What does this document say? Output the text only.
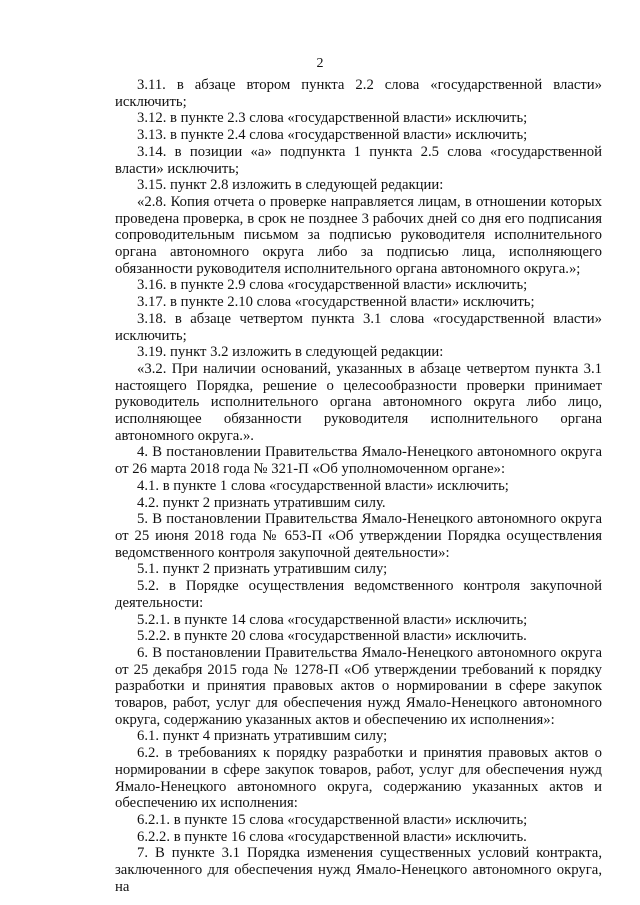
2

3.11. в абзаце втором пункта 2.2 слова «государственной власти» исключить;

3.12. в пункте 2.3 слова «государственной власти» исключить;

3.13. в пункте 2.4 слова «государственной власти» исключить;

3.14. в позиции «а» подпункта 1 пункта 2.5 слова «государственной власти» исключить;

3.15. пункт 2.8 изложить в следующей редакции:

«2.8. Копия отчета о проверке направляется лицам, в отношении которых проведена проверка, в срок не позднее 3 рабочих дней со дня его подписания сопроводительным письмом за подписью руководителя исполнительного органа автономного округа либо за подписью лица, исполняющего обязанности руководителя исполнительного органа автономного округа.»;

3.16. в пункте 2.9 слова «государственной власти» исключить;

3.17. в пункте 2.10 слова «государственной власти» исключить;

3.18. в абзаце четвертом пункта 3.1 слова «государственной власти» исключить;

3.19. пункт 3.2 изложить в следующей редакции:

«3.2. При наличии оснований, указанных в абзаце четвертом пункта 3.1 настоящего Порядка, решение о целесообразности проверки принимает руководитель исполнительного органа автономного округа либо лицо, исполняющее обязанности руководителя исполнительного органа автономного округа.».

4. В постановлении Правительства Ямало-Ненецкого автономного округа от 26 марта 2018 года № 321-П «Об уполномоченном органе»:

4.1. в пункте 1 слова «государственной власти» исключить;

4.2. пункт 2 признать утратившим силу.

5. В постановлении Правительства Ямало-Ненецкого автономного округа от 25 июня 2018 года № 653-П «Об утверждении Порядка осуществления ведомственного контроля закупочной деятельности»:

5.1. пункт 2 признать утратившим силу;

5.2. в Порядке осуществления ведомственного контроля закупочной деятельности:

5.2.1. в пункте 14 слова «государственной власти» исключить;

5.2.2. в пункте 20 слова «государственной власти» исключить.

6. В постановлении Правительства Ямало-Ненецкого автономного округа от 25 декабря 2015 года № 1278-П «Об утверждении требований к порядку разработки и принятия правовых актов о нормировании в сфере закупок товаров, работ, услуг для обеспечения нужд Ямало-Ненецкого автономного округа, содержанию указанных актов и обеспечению их исполнения»:

6.1. пункт 4 признать утратившим силу;

6.2. в требованиях к порядку разработки и принятия правовых актов о нормировании в сфере закупок товаров, работ, услуг для обеспечения нужд Ямало-Ненецкого автономного округа, содержанию указанных актов и обеспечению их исполнения:

6.2.1. в пункте 15 слова «государственной власти» исключить;

6.2.2. в пункте 16 слова «государственной власти» исключить.

7. В пункте 3.1 Порядка изменения существенных условий контракта, заключенного для обеспечения нужд Ямало-Ненецкого автономного округа, на
